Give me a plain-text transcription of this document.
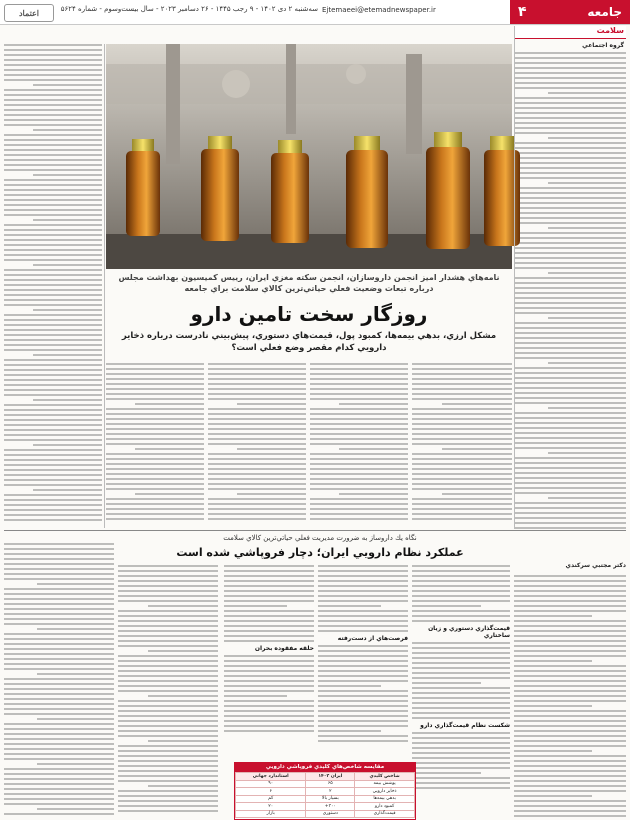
اعتماد	سه‌شنبه ۲ دی ۱۴۰۲ - ۹ رجب ۱۴۴۵ - ۲۶ دسامبر ۲۰۲۳ - سال بیست‌وسوم - شماره ۵۶۲۴ Ejtemaeei@etemadnewspaper.ir	جامعه
۴
سلامت
گروه اجتماعي
نامه‌هاي هشدار اميز انجمن داروسازان، انجمن سكته مغزي ايران، رييس كميسيون بهداشت مجلس درباره تبعات وضعيت فعلي حياتي‌ترين كالاي سلامت براي جامعه
روزگار سخت تامين دارو
مشكل ارزي، بدهي بيمه‌ها، كمبود پول، قيمت‌هاي دستوري، پيش‌بيني نادرست درباره ذخاير دارويي كدام مقصر وضع فعلي است؟
نگاه يك داروساز به ضرورت مديريت فعلي حياتي‌ترين كالاي سلامت
عملكرد نظام دارويي ايران؛ دچار فروپاشي شده است
دكتر مجتبي سركندي
قيمت‌گذاري دستوري و زيان ساختاري
شكست نظام قيمت‌گذاري دارو
فرصت‌هاي از دست‌رفته
حلقه مفقوده بحران
مقايسه شاخص‌هاي كليدي فروپاشي دارويي
شاخص كليدي	ايران ۱۴۰۲	استاندارد جهاني
پوشش بيمه	۶۵	۹۰
ذخاير دارويي	۲	۶
بدهي بيمه‌ها	بسيار بالا	كم
كمبود دارو	۳۰۰+	۲۰
قيمت‌گذاري	دستوري	بازار
